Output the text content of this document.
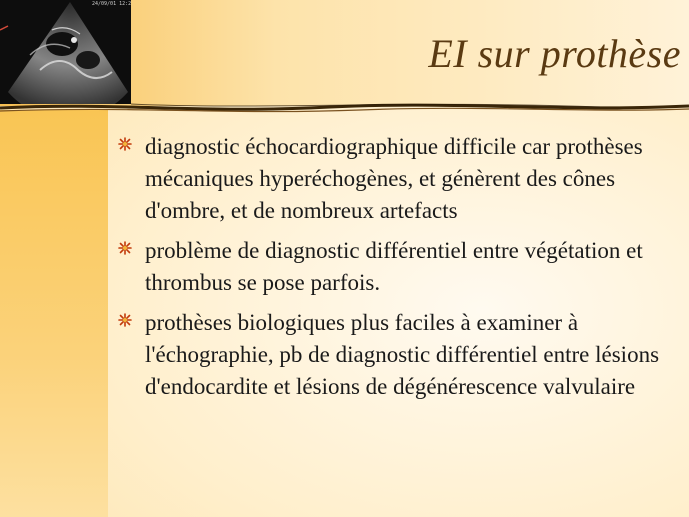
24/09/01 12:2
EI sur prothèse
diagnostic échocardiographique difficile car prothèses mécaniques hyperéchogènes, et génèrent des cônes d'ombre, et de nombreux artefacts
problème de diagnostic différentiel entre végétation et thrombus se pose parfois.
prothèses biologiques plus faciles à examiner à l'échographie, pb de diagnostic différentiel entre lésions d'endocardite et lésions de dégénérescence valvulaire
